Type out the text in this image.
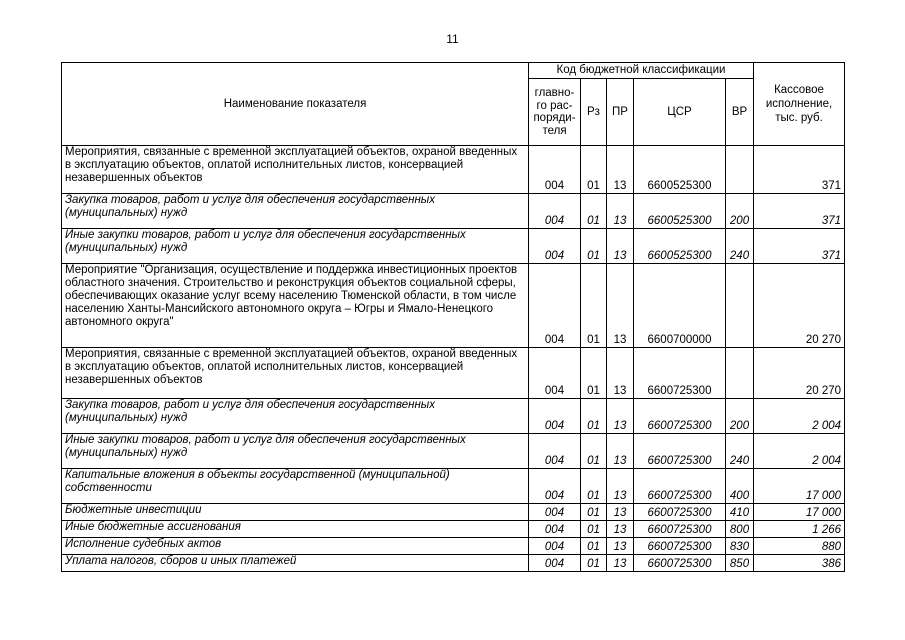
11
Наименование показателя	Код бюджетной классификации					Кассовое исполнение, тыс. руб.
	главно-го рас-поряди-теля	Рз	ПР	ЦСР	ВР	
Мероприятия, связанные с временной эксплуатацией объектов, охраной введенных в эксплуатацию объектов, оплатой исполнительных листов, консервацией незавершенных объектов	004	01	13	6600525300		371
Закупка товаров, работ и услуг для обеспечения государственных (муниципальных) нужд	004	01	13	6600525300	200	371
Иные закупки товаров, работ и услуг для обеспечения государственных (муниципальных) нужд	004	01	13	6600525300	240	371
Мероприятие "Организация, осуществление и поддержка инвестиционных проектов областного значения. Строительство и реконструкция объектов социальной сферы, обеспечивающих оказание услуг всему населению Тюменской области, в том числе населению Ханты-Мансийского автономного округа – Югры и Ямало-Ненецкого автономного округа"	004	01	13	6600700000		20 270
Мероприятия, связанные с временной эксплуатацией объектов, охраной введенных в эксплуатацию объектов, оплатой исполнительных листов, консервацией незавершенных объектов	004	01	13	6600725300		20 270
Закупка товаров, работ и услуг для обеспечения государственных (муниципальных) нужд	004	01	13	6600725300	200	2 004
Иные закупки товаров, работ и услуг для обеспечения государственных (муниципальных) нужд	004	01	13	6600725300	240	2 004
Капитальные вложения в объекты государственной (муниципальной) собственности	004	01	13	6600725300	400	17 000
Бюджетные инвестиции	004	01	13	6600725300	410	17 000
Иные бюджетные ассигнования	004	01	13	6600725300	800	1 266
Исполнение судебных актов	004	01	13	6600725300	830	880
Уплата налогов, сборов и иных платежей	004	01	13	6600725300	850	386
